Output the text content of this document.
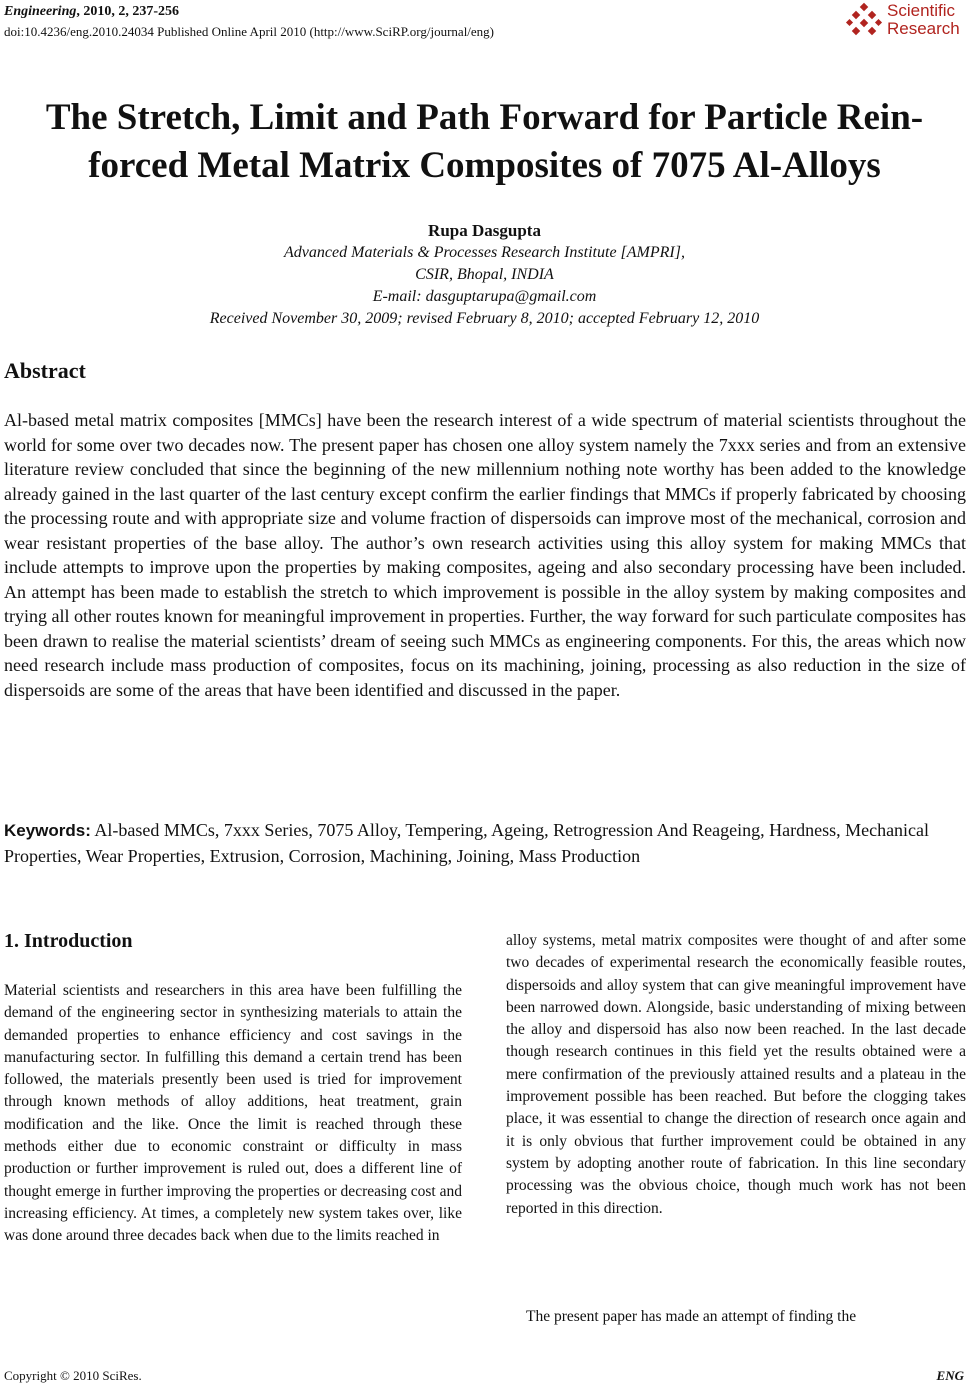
Engineering, 2010, 2, 237-256
doi:10.4236/eng.2010.24034 Published Online April 2010 (http://www.SciRP.org/journal/eng)
Scientific
Research
The Stretch, Limit and Path Forward for Particle Rein-
forced Metal Matrix Composites of 7075 Al-Alloys
Rupa Dasgupta
Advanced Materials & Processes Research Institute [AMPRI],
CSIR, Bhopal, INDIA
E-mail: dasguptarupa@gmail.com
Received November 30, 2009; revised February 8, 2010; accepted February 12, 2010
Abstract

Al-based metal matrix composites [MMCs] have been the research interest of a wide spectrum of material scientists throughout the world for some over two decades now. The present paper has chosen one alloy system namely the 7xxx series and from an extensive literature review concluded that since the beginning of the new millennium nothing note worthy has been added to the knowledge already gained in the last quarter of the last century except confirm the earlier findings that MMCs if properly fabricated by choosing the processing route and with appropriate size and volume fraction of dispersoids can improve most of the mechanical, corrosion and wear resistant properties of the base alloy. The author’s own research activities using this alloy system for making MMCs that include attempts to improve upon the properties by making composites, ageing and also secondary processing have been included. An attempt has been made to establish the stretch to which improvement is possible in the alloy system by making composites and trying all other routes known for meaningful improvement in properties. Further, the way forward for such particulate composites has been drawn to realise the material scientists’ dream of seeing such MMCs as engineering components. For this, the areas which now need research include mass production of composites, focus on its machining, joining, processing as also reduction in the size of dispersoids are some of the areas that have been identified and discussed in the paper.

Keywords: Al-based MMCs, 7xxx Series, 7075 Alloy, Tempering, Ageing, Retrogression And Reageing, Hardness, Mechanical Properties, Wear Properties, Extrusion, Corrosion, Machining, Joining, Mass Production

1. Introduction

Material scientists and researchers in this area have been fulfilling the demand of the engineering sector in synthesizing materials to attain the demanded properties to enhance efficiency and cost savings in the manufacturing sector. In fulfilling this demand a certain trend has been followed, the materials presently been used is tried for improvement through known methods of alloy additions, heat treatment, grain modification and the like. Once the limit is reached through these methods either due to economic constraint or difficulty in mass production or further improvement is ruled out, does a different line of thought emerge in further improving the properties or decreasing cost and increasing efficiency. At times, a completely new system takes over, like was done around three decades back when due to the limits reached in

alloy systems, metal matrix composites were thought of and after some two decades of experimental research the economically feasible routes, dispersoids and alloy system that can give meaningful improvement have been narrowed down. Alongside, basic understanding of mixing between the alloy and dispersoid has also now been reached. In the last decade though research continues in this field yet the results obtained were a mere confirmation of the previously attained results and a plateau in the improvement possible has been reached. But before the clogging takes place, it was essential to change the direction of research once again and it is only obvious that further improvement could be obtained in any system by adopting another route of fabrication. In this line secondary processing was the obvious choice, though much work has not been reported in this direction.

The present paper has made an attempt of finding the

Copyright © 2010 SciRes.	ENG
